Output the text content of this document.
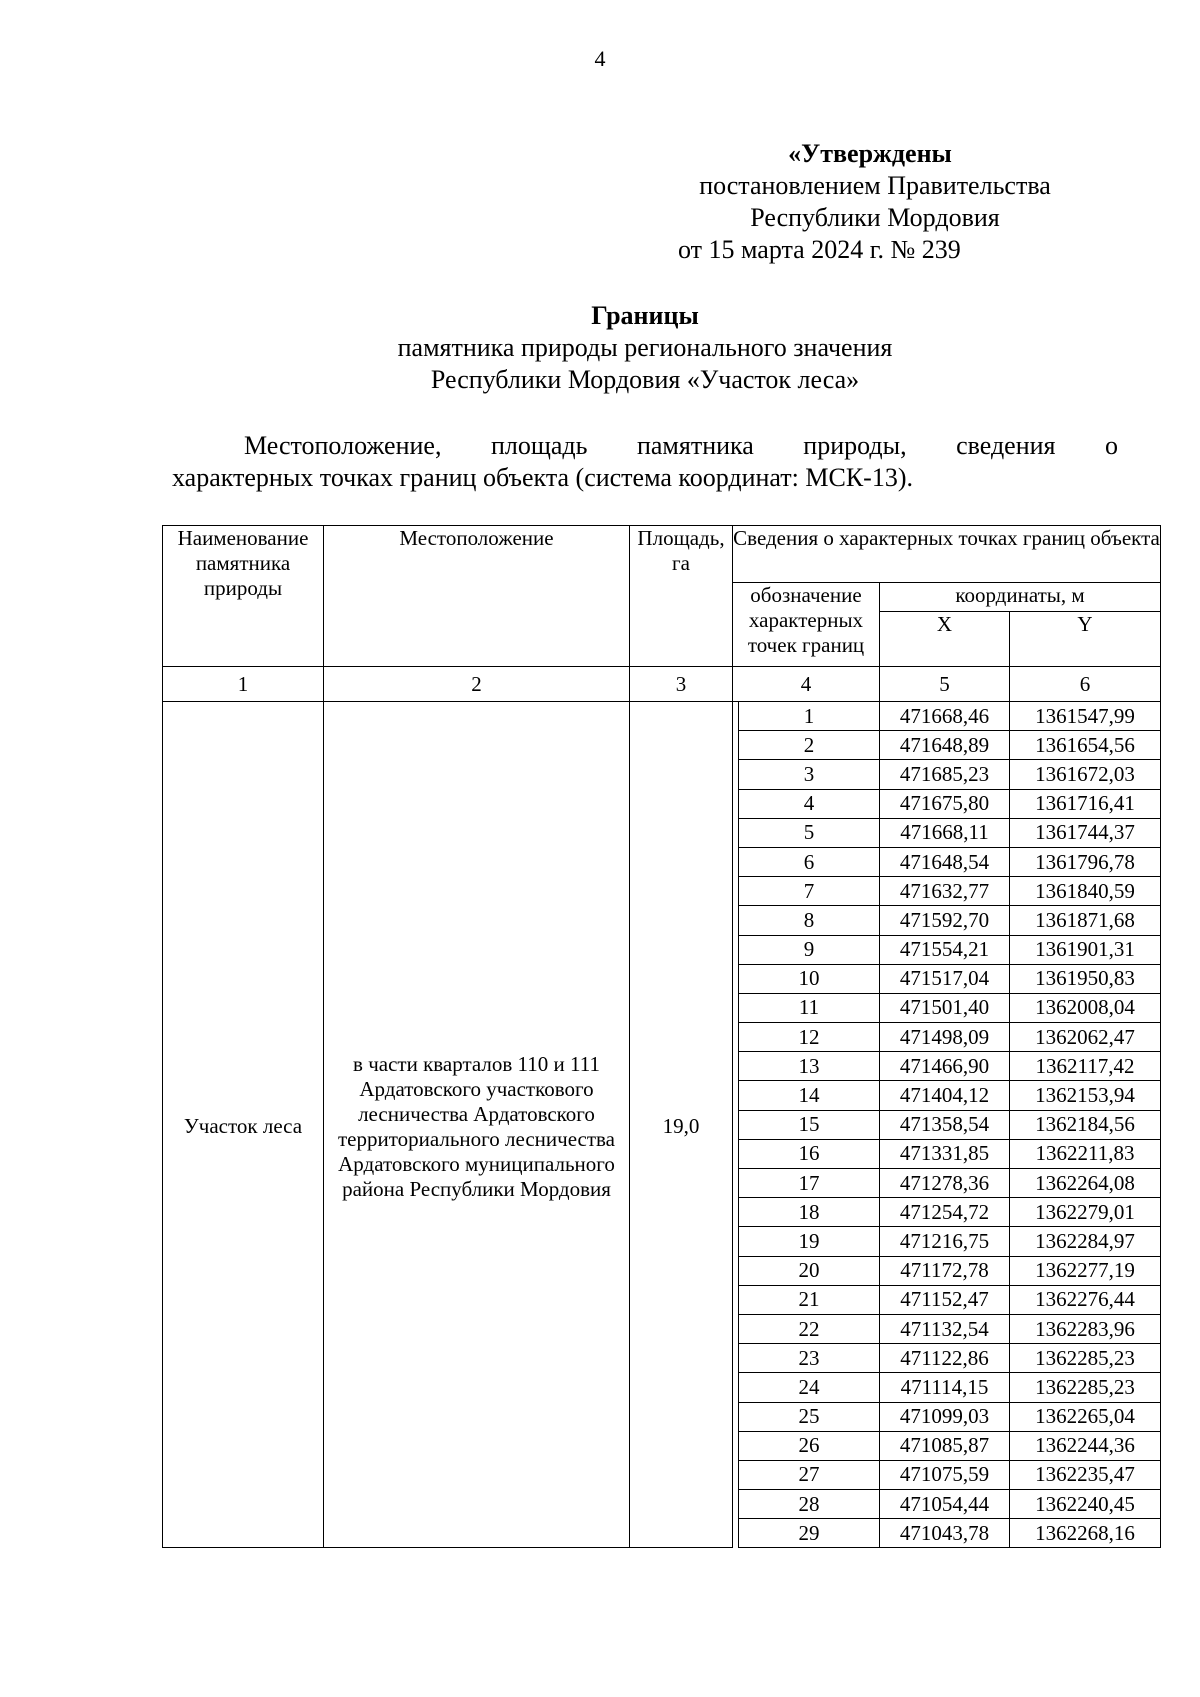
4
«Утверждены
постановлением Правительства
Республики Мордовия
от 15 марта 2024 г. № 239
Границы
памятника природы регионального значения
Республики Мордовия «Участок леса»
Местоположение, площадь памятника природы, сведения о
характерных точках границ объекта (система координат: МСК-13).
Наименование памятника природы	Местоположение	Площадь, га	Сведения о характерных точках границ объекта			
			обозначение характерных точек границ		координаты, м	
					X	Y
1	2	3	4		5	6
Участок леса	в части кварталов 110 и 111 Ардатовского участкового лесничества Ардатовского территориального лесничества Ардатовского муниципального района Республики Мордовия	19,0		1	471668,46	1361547,99
				2	471648,89	1361654,56
				3	471685,23	1361672,03
				4	471675,80	1361716,41
				5	471668,11	1361744,37
				6	471648,54	1361796,78
				7	471632,77	1361840,59
				8	471592,70	1361871,68
				9	471554,21	1361901,31
				10	471517,04	1361950,83
				11	471501,40	1362008,04
				12	471498,09	1362062,47
				13	471466,90	1362117,42
				14	471404,12	1362153,94
				15	471358,54	1362184,56
				16	471331,85	1362211,83
				17	471278,36	1362264,08
				18	471254,72	1362279,01
				19	471216,75	1362284,97
				20	471172,78	1362277,19
				21	471152,47	1362276,44
				22	471132,54	1362283,96
				23	471122,86	1362285,23
				24	471114,15	1362285,23
				25	471099,03	1362265,04
				26	471085,87	1362244,36
				27	471075,59	1362235,47
				28	471054,44	1362240,45
				29	471043,78	1362268,16
